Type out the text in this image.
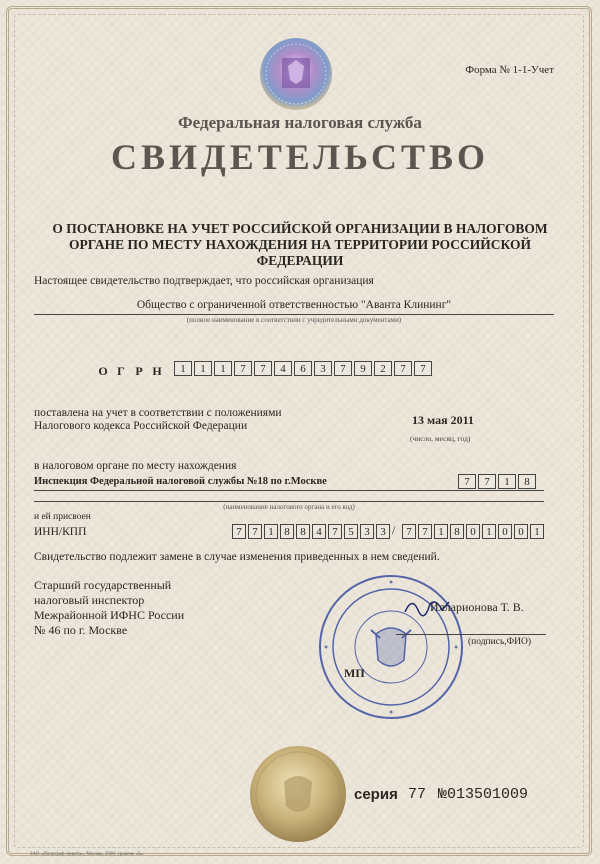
Форма № 1-1-Учет
Федеральная налоговая служба
СВИДЕТЕЛЬСТВО
О ПОСТАНОВКЕ НА УЧЕТ РОССИЙСКОЙ ОРГАНИЗАЦИИ В НАЛОГОВОМ ОРГАНЕ ПО МЕСТУ НАХОЖДЕНИЯ НА ТЕРРИТОРИИ РОССИЙСКОЙ ФЕДЕРАЦИИ
Настоящее свидетельство подтверждает, что российская организация
Общество с ограниченной ответственностью "Аванта Клининг"
(полное наименование в соответствии с учредительными документами)
О Г Р Н	1	1	1	7	7	4	6	3	7	9	2	7	7
поставлена на учет в соответствии с положениями
Налогового кодекса Российской Федерации	13 мая 2011
(число, месяц, год)
в налоговом органе по месту нахождения
Инспекция Федеральной налоговой службы №18 по г.Москве	7	7	1	8
(наименование налогового органа и его код)
и ей присвоен
ИНН/КПП	7 7 1 8 8 4 7 5 3 3 / 7 7 1 8 0 1 0 0 1
Свидетельство подлежит замене в случае изменения приведенных в нем сведений.
Старший государственный
налоговый инспектор
Межрайонной ИФНС России
№ 46 по г. Москве
Илларионова Т. В.
(подпись,ФИО)
МП
серия 77 №013501009
ЗАО «Полиграф-защита», Москва, 2008, уровень «Б»
